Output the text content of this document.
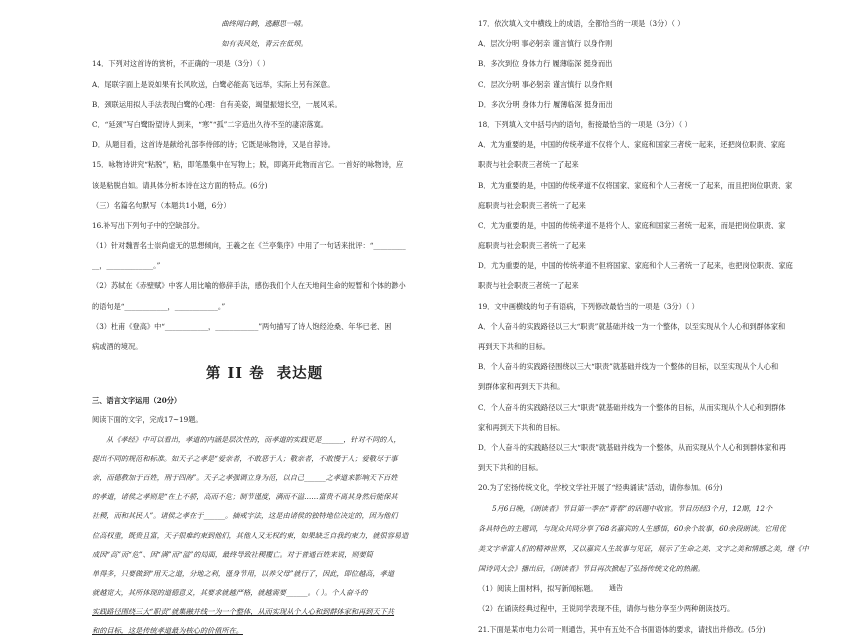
曲终闻白鹤，逃翻思一晴。
如有表风处，青云在低坝。
14．下列对这首诗的赏析，不正确的一项是（3分）（ ）
A．尾联字面上是说如果有长风吹送，白鹭必能高飞远举，实际上另有深意。
B．颈联运用拟人手法表现白鹭的心理：自有美姿，竭望振翅长空，一展风采。
C．“延颈”写白鹭盼望诗人到来，“寒”“孤”二字造出久待不至的凄凉落寞。
D．从题目看，这首诗是献给礼部李侍郎的诗；它既是咏物诗，又是自荐诗。
15．咏物诗讲究“粘脱”，粘，即笔墨集中在写物上；脱，即离开此物而言它。一首好的咏物诗，应
该是粘脱自如。请具体分析本诗在这方面的特点。(6分)
（三）名篇名句默写（本题共1小题，6分）
16.补写出下列句子中的空缺部分。
（1）针对魏晋名士崇尚虚无的思想倾向，王羲之在《兰亭集序》中用了一句话来批评：“_________
__，_____________。”
（2）苏轼在《赤壁赋》中客人用比喻的修辞手法，感伤我们个人在天地间生命的短暂和个体的渺小
的语句是“____________，____________。”
（3）杜甫《登高》中“____________，____________”两句描写了诗人饱经沧桑、年华已老、困
病或酒的境况。
第 II 卷 表达题
三、语言文字运用（20分）
阅读下面的文字，完成17~19题。
从《孝经》中可以看出，孝道的内涵是层次性的，而孝道的实践更是______，针对不同的人，
提出不同的规范和标准。如天子之孝是“爱亲者，不敢恶于人；敬亲者，不敢慢于人；爱敬尽于事
亲，而德教加于百姓，刑于四海”。天子之孝强调立身为范，以自己______之孝道来影响天下百姓
的孝道，诸侯之孝则是“在上不骄，高而不危；制节谨度，满而不溢……富贵不离其身然后能保其
社稷，而和其民人”。诸侯之孝在于______。摘戒字法，这是由诸侯的独特地位决定的，因为他们
位高权重，既贵且富，天子很难约束到他们，其他人又无权约束，如果缺乏自我约束力，就很容易造
成因“高”而“危”、因“满”而“溢”的局面，最终导致社稷覆亡。对于普通百姓来说，则要简
单得多，只要做到“用天之道，分地之利，谨身节用，以养父母”就行了，因此，即位越高，孝道
就越宽大，其所体现的道德意义，其要求就越严格，就越需要______。（ ）。个人奋斗的
实践路径围绕三大“职责”就集融并线一为一个整体，从而实现从个人心和到群体家和再到天下共
和的目标，这是传统孝道最为核心的价值所在。
17．依次填入文中横线上的成语，全都恰当的一项是（3分）（ ）
A．层次分明 事必躬亲 谨言慎行 以身作则
B．多次到位 身体力行 履薄临深 挺身而出
C．层次分明 事必躬亲 谨言慎行 以身作则
D．多次分明 身体力行 履薄临深 挺身而出
18．下列填入文中括号内的语句，衔接最恰当的一项是（3分）（ ）
A．尤为重要的是，中国的传统孝道不仅将个人、家庭和国家三者统一起来，还把岗位职责、家庭
职责与社会职责三者统一了起来
B．尤为重要的是，中国的传统孝道不仅将国家、家庭和个人三者统一了起来，而且把岗位职责、家
庭职责与社会职责三者统一了起来
C．尤为重要的是，中国的传统孝道不是将个人、家庭和国家三者统一起来，而是把岗位职责、家
庭职责与社会职责三者统一了起来
D．尤为重要的是，中国的传统孝道不但将国家、家庭和个人三者统一了起来，也把岗位职责、家庭
职责与社会职责三者统一了起来
19．文中画横线的句子有语病，下列修改最恰当的一项是（3分）（ ）
A．个人奋斗的实践路径以三大“职责”就基础并线一为一个整体，以至实现从个人心和到群体家和
再到天下共和的目标。
B．个人奋斗的实践路径围绕以三大“职责”就基础并线为一个整体的目标，以至实现从个人心和
到群体家和再到天下共和。
C．个人奋斗的实践路径以三大“职责”就基础并线为一个整体的目标，从而实现从个人心和到群体
家和再到天下共和的目标。
D．个人奋斗的实践路径以三大“职责”就基础并线为一个整体，从而实现从个人心和到群体家和再
到天下共和的目标。
20.为了宏扬传统文化，学校文学社开展了“经典诵读”活动，请你参加。(6分)
5月6日晚，《朗读者》节目第一季在“青春”的话题中收官。节目历经3个月，12期，12个
各具特色的主题词，与现众共同分享了68名嘉宾的人生感悟，60余个故事，60余段朗读。它用优
美文字幸富人们的精神世界，又以嘉宾人生故事与见证，展示了生命之美、文字之美和情感之美，继《中
国诗词大会》播出后，《朗读者》节目再次掀起了弘扬传统文化的热潮。
（1）阅读上面材料，拟写新闻标题。
（2）在诵读经典过程中，王说同学表现不佳，请你与他分享至少两种朗读技巧。
21.下面是某市电力公司一则通告，其中有五处不合书面语体的要求，请找出并修改。(5分)
通告
